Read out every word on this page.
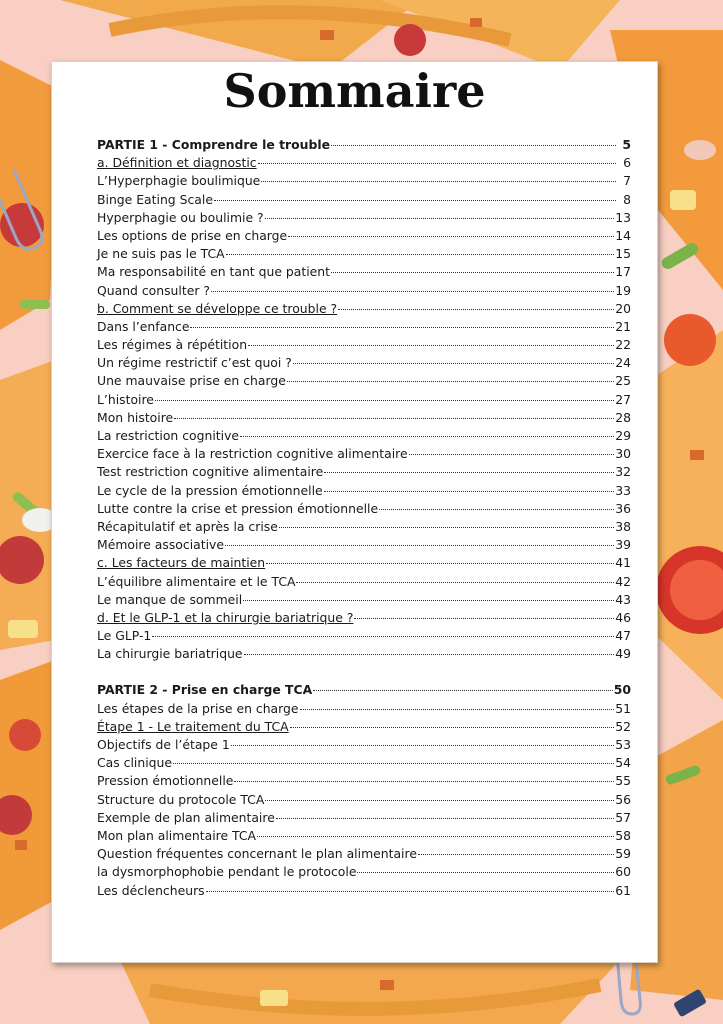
Sommaire
PARTIE 1 - Comprendre le trouble	5
a. Définition et diagnostic	6
L’Hyperphagie boulimique	7
Binge Eating Scale	8
Hyperphagie ou boulimie ?	13
Les options de prise en charge	14
Je ne suis pas le TCA	15
Ma responsabilité en tant que patient	17
Quand consulter ?	19
b. Comment se développe ce trouble ?	20
Dans l’enfance	21
Les régimes à répétition	22
Un régime restrictif c’est quoi ?	24
Une mauvaise prise en charge	25
L’histoire	27
Mon histoire	28
La restriction cognitive	29
Exercice face à la restriction cognitive alimentaire	30
Test restriction cognitive alimentaire	32
Le cycle de la pression émotionnelle	33
Lutte contre la crise et pression émotionnelle	36
Récapitulatif et après la crise	38
Mémoire associative	39
c. Les facteurs de maintien	41
L’équilibre alimentaire et le TCA	42
Le manque de sommeil	43
d. Et le GLP-1 et la chirurgie bariatrique ?	46
Le GLP-1	47
La chirurgie bariatrique	49
PARTIE 2 - Prise en charge TCA	50
Les étapes de la prise en charge	51
Étape 1 - Le traitement du TCA	52
Objectifs de l’étape 1	53
Cas clinique	54
Pression émotionnelle	55
Structure du protocole TCA	56
Exemple de plan alimentaire	57
Mon plan alimentaire TCA	58
Question fréquentes concernant le plan alimentaire	59
la dysmorphophobie pendant le protocole	60
Les déclencheurs	61
